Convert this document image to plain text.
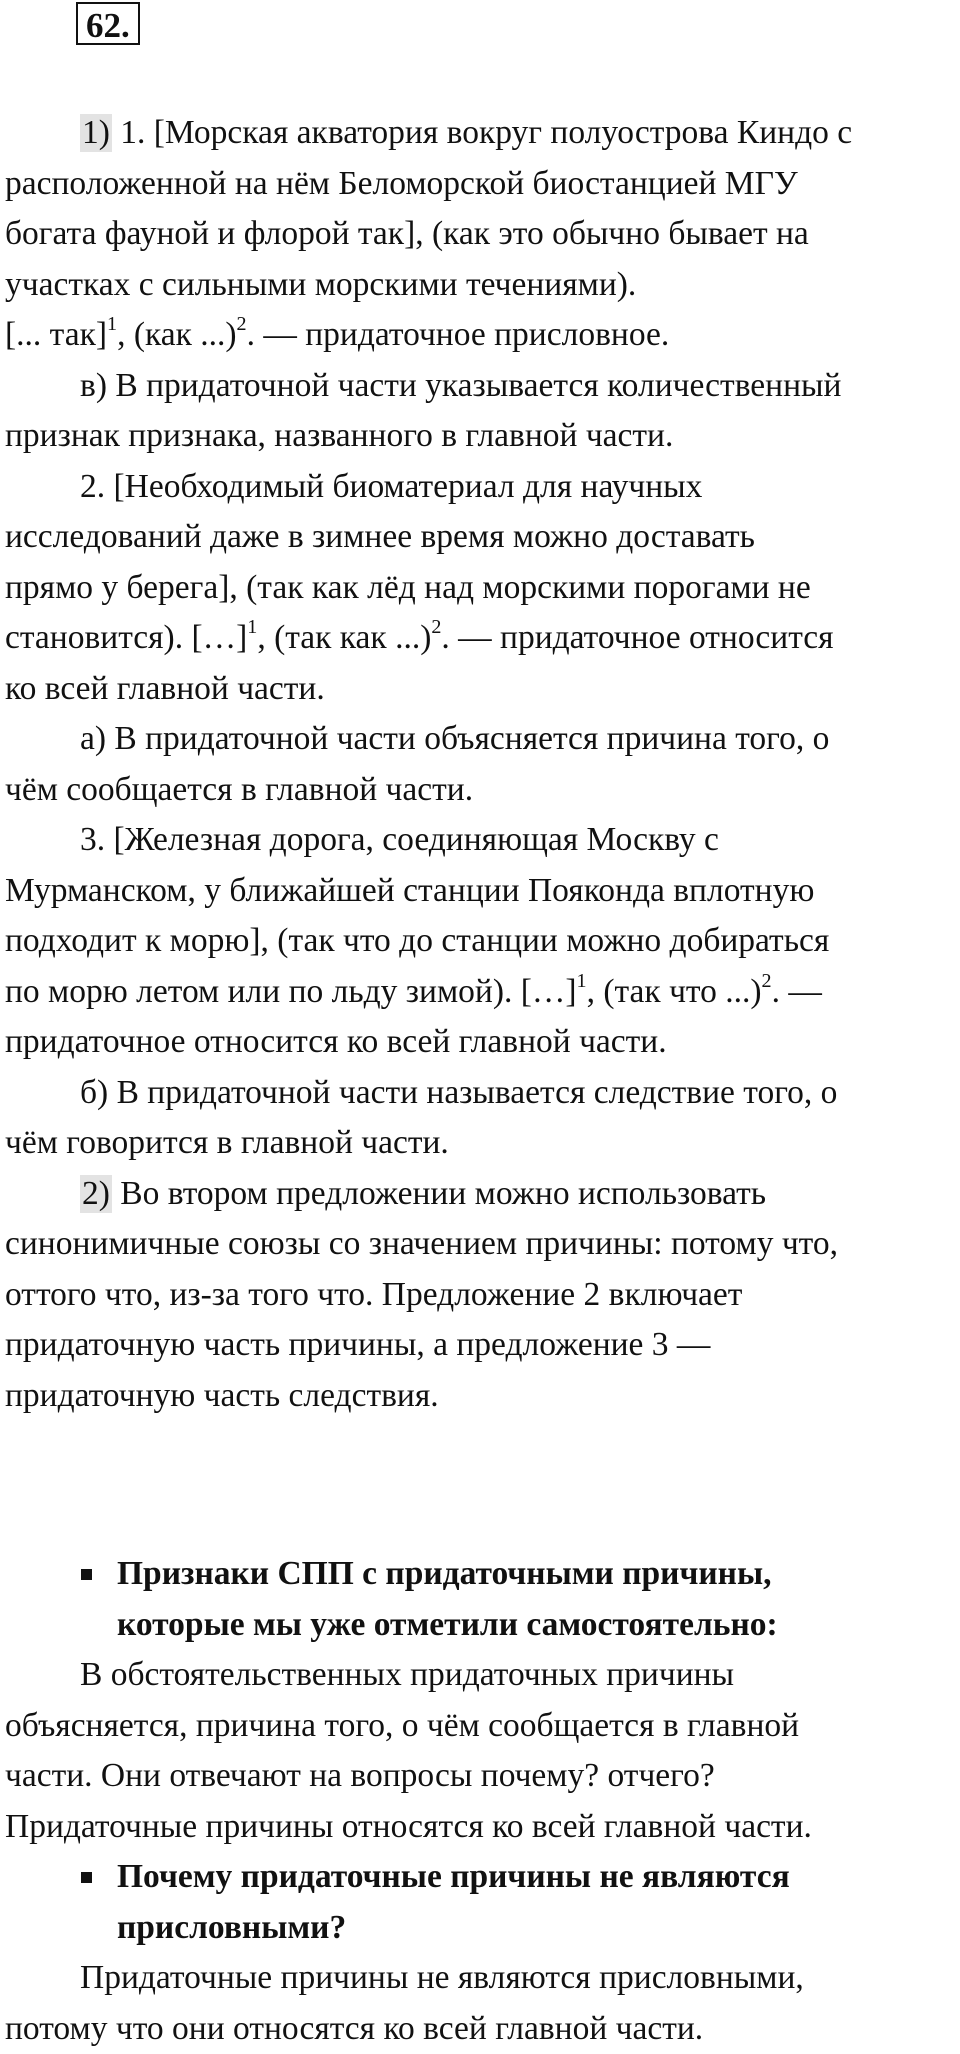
62.

1) 1. [Морская акватория вокруг полуострова Киндо с

расположенной на нём Беломорской биостанцией МГУ

богата фауной и флорой так], (как это обычно бывает на

участках с сильными морскими течениями).

[... так]$^1$, (как ...)$^2$. — придаточное присловное.

в) В придаточной части указывается количественный

признак признака, названного в главной части.

2. [Необходимый биоматериал для научных

исследований даже в зимнее время можно доставать

прямо у берега], (так как лёд над морскими порогами не

становится). […]$^1$, (так как ...)$^2$. — придаточное относится

ко всей главной части.

а) В придаточной части объясняется причина того, о

чём сообщается в главной части.

3. [Железная дорога, соединяющая Москву с

Мурманском, у ближайшей станции Пояконда вплотную

подходит к морю], (так что до станции можно добираться

по морю летом или по льду зимой). […]$^1$, (так что ...)$^2$. —

придаточное относится ко всей главной части.

б) В придаточной части называется следствие того, о

чём говорится в главной части.

2) Во втором предложении можно использовать

синонимичные союзы со значением причины: потому что,

оттого что, из-за того что. Предложение 2 включает

придаточную часть причины, а предложение 3 —

придаточную часть следствия.

Признаки СПП с придаточными причины,
которые мы уже отметили самостоятельно:

В обстоятельственных придаточных причины

объясняется, причина того, о чём сообщается в главной

части. Они отвечают на вопросы почему? отчего?

Придаточные причины относятся ко всей главной части.

Почему придаточные причины не являются
присловными?

Придаточные причины не являются присловными,

потому что они относятся ко всей главной части.
